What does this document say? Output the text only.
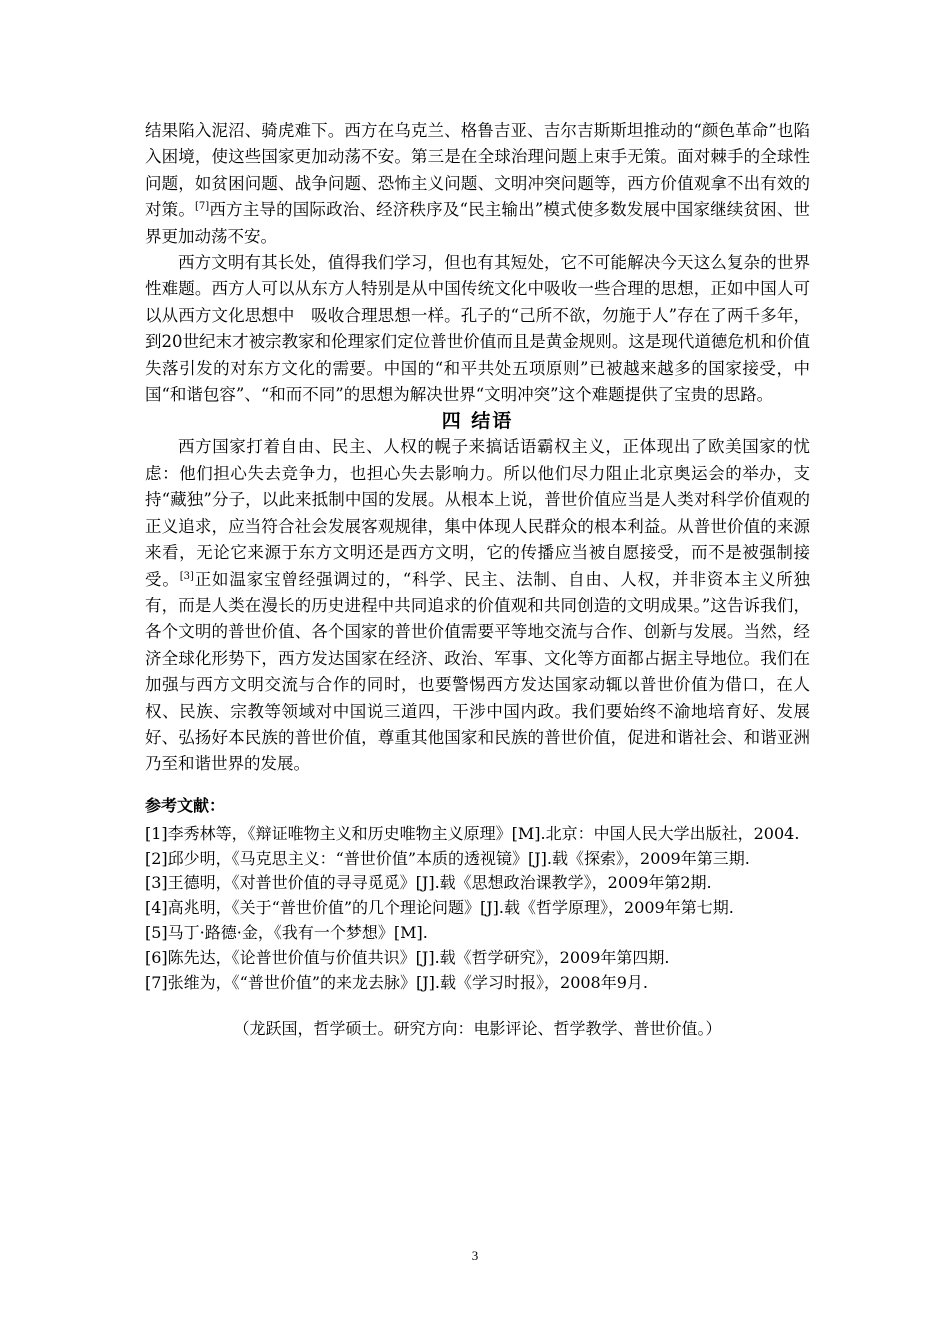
结果陷入泥沼、骑虎难下。西方在乌克兰、格鲁吉亚、吉尔吉斯斯坦推动的“颜色革命”也陷入困境，使这些国家更加动荡不安。第三是在全球治理问题上束手无策。面对棘手的全球性问题，如贫困问题、战争问题、恐怖主义问题、文明冲突问题等，西方价值观拿不出有效的对策。[7]西方主导的国际政治、经济秩序及“民主输出”模式使多数发展中国家继续贫困、世界更加动荡不安。

西方文明有其长处，值得我们学习，但也有其短处，它不可能解决今天这么复杂的世界性难题。西方人可以从东方人特别是从中国传统文化中吸收一些合理的思想，正如中国人可以从西方文化思想中　吸收合理思想一样。孔子的“己所不欲，勿施于人”存在了两千多年，到20世纪末才被宗教家和伦理家们定位普世价值而且是黄金规则。这是现代道德危机和价值失落引发的对东方文化的需要。中国的“和平共处五项原则”已被越来越多的国家接受，中国“和谐包容”、“和而不同”的思想为解决世界“文明冲突”这个难题提供了宝贵的思路。

四 结语

西方国家打着自由、民主、人权的幌子来搞话语霸权主义，正体现出了欧美国家的忧虑：他们担心失去竞争力，也担心失去影响力。所以他们尽力阻止北京奥运会的举办，支持“藏独”分子，以此来抵制中国的发展。从根本上说，普世价值应当是人类对科学价值观的正义追求，应当符合社会发展客观规律，集中体现人民群众的根本利益。从普世价值的来源来看，无论它来源于东方文明还是西方文明，它的传播应当被自愿接受，而不是被强制接受。[3]正如温家宝曾经强调过的，“科学、民主、法制、自由、人权，并非资本主义所独有，而是人类在漫长的历史进程中共同追求的价值观和共同创造的文明成果。”这告诉我们，各个文明的普世价值、各个国家的普世价值需要平等地交流与合作、创新与发展。当然，经济全球化形势下，西方发达国家在经济、政治、军事、文化等方面都占据主导地位。我们在加强与西方文明交流与合作的同时，也要警惕西方发达国家动辄以普世价值为借口，在人权、民族、宗教等领域对中国说三道四，干涉中国内政。我们要始终不渝地培育好、发展好、弘扬好本民族的普世价值，尊重其他国家和民族的普世价值，促进和谐社会、和谐亚洲乃至和谐世界的发展。

参考文献：
[1]李秀林等，《辩证唯物主义和历史唯物主义原理》[M].北京：中国人民大学出版社，2004.
[2]邱少明，《马克思主义：“普世价值”本质的透视镜》[J].载《探索》，2009年第三期.
[3]王德明，《对普世价值的寻寻觅觅》[J].载《思想政治课教学》，2009年第2期.
[4]高兆明，《关于“普世价值”的几个理论问题》[J].载《哲学原理》，2009年第七期.
[5]马丁·路德·金，《我有一个梦想》[M].
[6]陈先达，《论普世价值与价值共识》[J].载《哲学研究》，2009年第四期.
[7]张维为，《“普世价值”的来龙去脉》[J].载《学习时报》，2008年9月.
（龙跃国，哲学硕士。研究方向：电影评论、哲学教学、普世价值。）
3
